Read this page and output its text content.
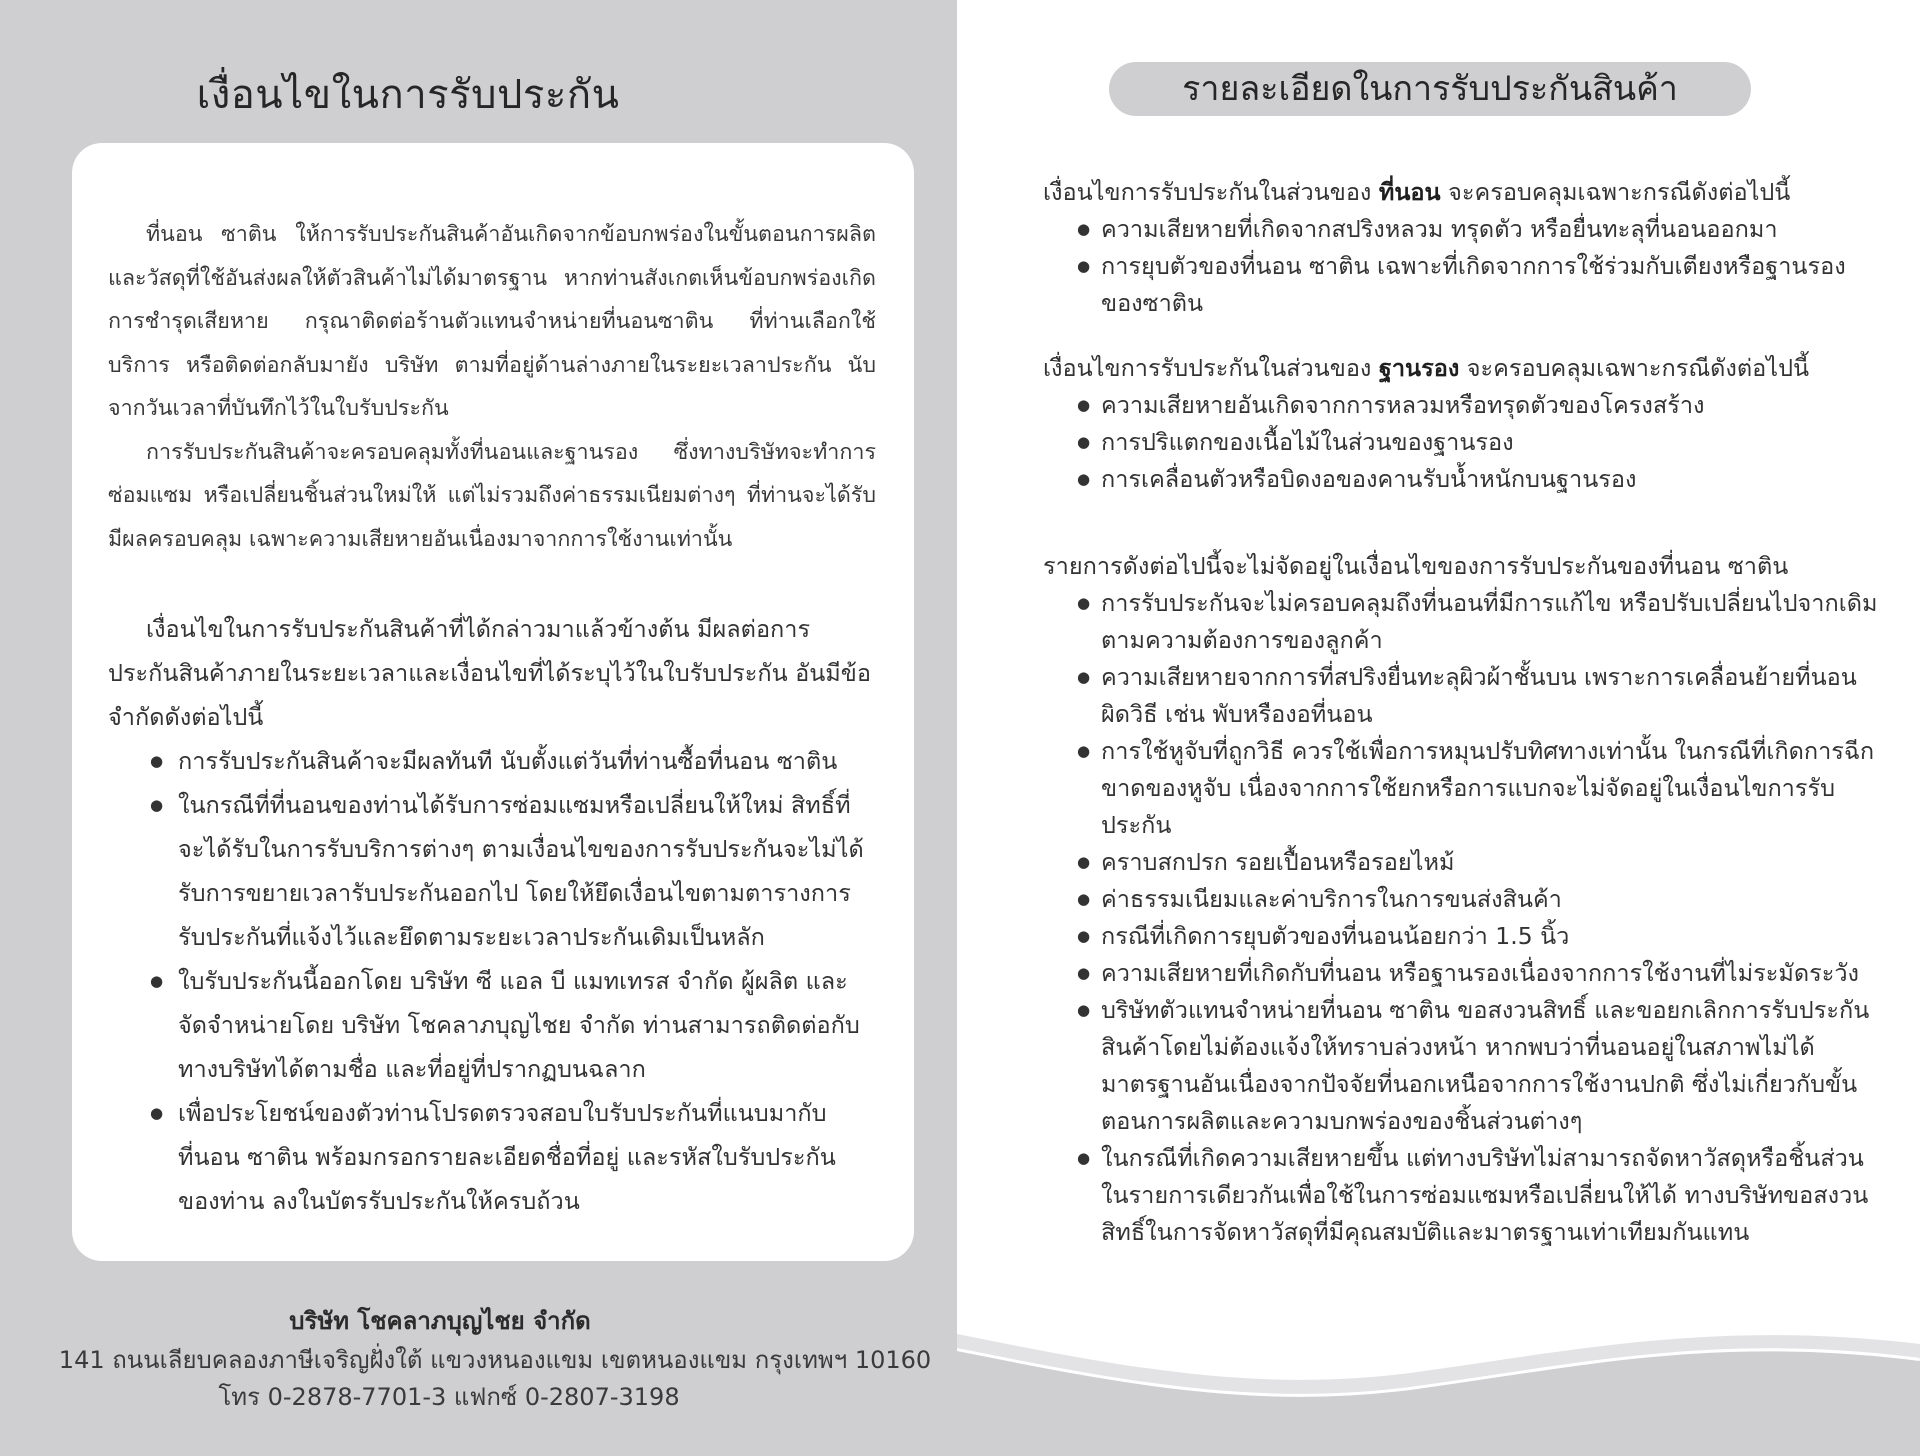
เงื่อนไขในการรับประกัน

ที่นอน ซาติน ให้การรับประกันสินค้าอันเกิดจากข้อบกพร่องในขั้นตอนการผลิต และวัสดุที่ใช้อันส่งผลให้ตัวสินค้าไม่ได้มาตรฐาน หากท่านสังเกตเห็นข้อบกพร่องเกิดการชำรุดเสียหาย กรุณาติดต่อร้านตัวแทนจำหน่ายที่นอนซาติน ที่ท่านเลือกใช้บริการ หรือติดต่อกลับมายัง บริษัท ตามที่อยู่ด้านล่างภายในระยะเวลาประกัน นับจากวันเวลาที่บันทึกไว้ในใบรับประกัน

การรับประกันสินค้าจะครอบคลุมทั้งที่นอนและฐานรอง ซึ่งทางบริษัทจะทำการซ่อมแซม หรือเปลี่ยนชิ้นส่วนใหม่ให้ แต่ไม่รวมถึงค่าธรรมเนียมต่างๆ ที่ท่านจะได้รับมีผลครอบคลุม เฉพาะความเสียหายอันเนื่องมาจากการใช้งานเท่านั้น

เงื่อนไขในการรับประกันสินค้าที่ได้กล่าวมาแล้วข้างต้น มีผลต่อการประกันสินค้าภายในระยะเวลาและเงื่อนไขที่ได้ระบุไว้ในใบรับประกัน อันมีข้อจำกัดดังต่อไปนี้

● การรับประกันสินค้าจะมีผลทันที นับตั้งแต่วันที่ท่านซื้อที่นอน ซาติน
● ในกรณีที่ที่นอนของท่านได้รับการซ่อมแซมหรือเปลี่ยนให้ใหม่ สิทธิ์ที่จะได้รับในการรับบริการต่างๆ ตามเงื่อนไขของการรับประกันจะไม่ได้รับการขยายเวลารับประกันออกไป โดยให้ยึดเงื่อนไขตามตารางการรับประกันที่แจ้งไว้และยึดตามระยะเวลาประกันเดิมเป็นหลัก
● ใบรับประกันนี้ออกโดย บริษัท ซี แอล บี แมทเทรส จำกัด ผู้ผลิต และจัดจำหน่ายโดย บริษัท โชคลาภบุญไชย จำกัด ท่านสามารถติดต่อกับทางบริษัทได้ตามชื่อ และที่อยู่ที่ปรากฏบนฉลาก
● เพื่อประโยชน์ของตัวท่านโปรดตรวจสอบใบรับประกันที่แนบมากับ ที่นอน ซาติน พร้อมกรอกรายละเอียดชื่อที่อยู่ และรหัสใบรับประกันของท่าน ลงในบัตรรับประกันให้ครบถ้วน
บริษัท โชคลาภบุญไชย จำกัด
141 ถนนเลียบคลองภาษีเจริญฝั่งใต้ แขวงหนองแขม เขตหนองแขม กรุงเทพฯ 10160
โทร 0-2878-7701-3 แฟกซ์ 0-2807-3198
รายละเอียดในการรับประกันสินค้า

เงื่อนไขการรับประกันในส่วนของ ที่นอน จะครอบคลุมเฉพาะกรณีดังต่อไปนี้

● ความเสียหายที่เกิดจากสปริงหลวม ทรุดตัว หรือยื่นทะลุที่นอนออกมา
● การยุบตัวของที่นอน ซาติน เฉพาะที่เกิดจากการใช้ร่วมกับเตียงหรือฐานรองของซาติน

เงื่อนไขการรับประกันในส่วนของ ฐานรอง จะครอบคลุมเฉพาะกรณีดังต่อไปนี้

● ความเสียหายอันเกิดจากการหลวมหรือทรุดตัวของโครงสร้าง
● การปริแตกของเนื้อไม้ในส่วนของฐานรอง
● การเคลื่อนตัวหรือบิดงอของคานรับน้ำหนักบนฐานรอง

รายการดังต่อไปนี้จะไม่จัดอยู่ในเงื่อนไขของการรับประกันของที่นอน ซาติน

● การรับประกันจะไม่ครอบคลุมถึงที่นอนที่มีการแก้ไข หรือปรับเปลี่ยนไปจากเดิมตามความต้องการของลูกค้า
● ความเสียหายจากการที่สปริงยื่นทะลุผิวผ้าชั้นบน เพราะการเคลื่อนย้ายที่นอนผิดวิธี เช่น พับหรืองอที่นอน
● การใช้หูจับที่ถูกวิธี ควรใช้เพื่อการหมุนปรับทิศทางเท่านั้น ในกรณีที่เกิดการฉีกขาดของหูจับ เนื่องจากการใช้ยกหรือการแบกจะไม่จัดอยู่ในเงื่อนไขการรับประกัน
● คราบสกปรก รอยเปื้อนหรือรอยไหม้
● ค่าธรรมเนียมและค่าบริการในการขนส่งสินค้า
● กรณีที่เกิดการยุบตัวของที่นอนน้อยกว่า 1.5 นิ้ว
● ความเสียหายที่เกิดกับที่นอน หรือฐานรองเนื่องจากการใช้งานที่ไม่ระมัดระวัง
● บริษัทตัวแทนจำหน่ายที่นอน ซาติน ขอสงวนสิทธิ์ และขอยกเลิกการรับประกันสินค้าโดยไม่ต้องแจ้งให้ทราบล่วงหน้า หากพบว่าที่นอนอยู่ในสภาพไม่ได้มาตรฐานอันเนื่องจากปัจจัยที่นอกเหนือจากการใช้งานปกติ ซึ่งไม่เกี่ยวกับขั้นตอนการผลิตและความบกพร่องของชิ้นส่วนต่างๆ
● ในกรณีที่เกิดความเสียหายขึ้น แต่ทางบริษัทไม่สามารถจัดหาวัสดุหรือชิ้นส่วนในรายการเดียวกันเพื่อใช้ในการซ่อมแซมหรือเปลี่ยนให้ได้ ทางบริษัทขอสงวนสิทธิ์ในการจัดหาวัสดุที่มีคุณสมบัติและมาตรฐานเท่าเทียมกันแทน
